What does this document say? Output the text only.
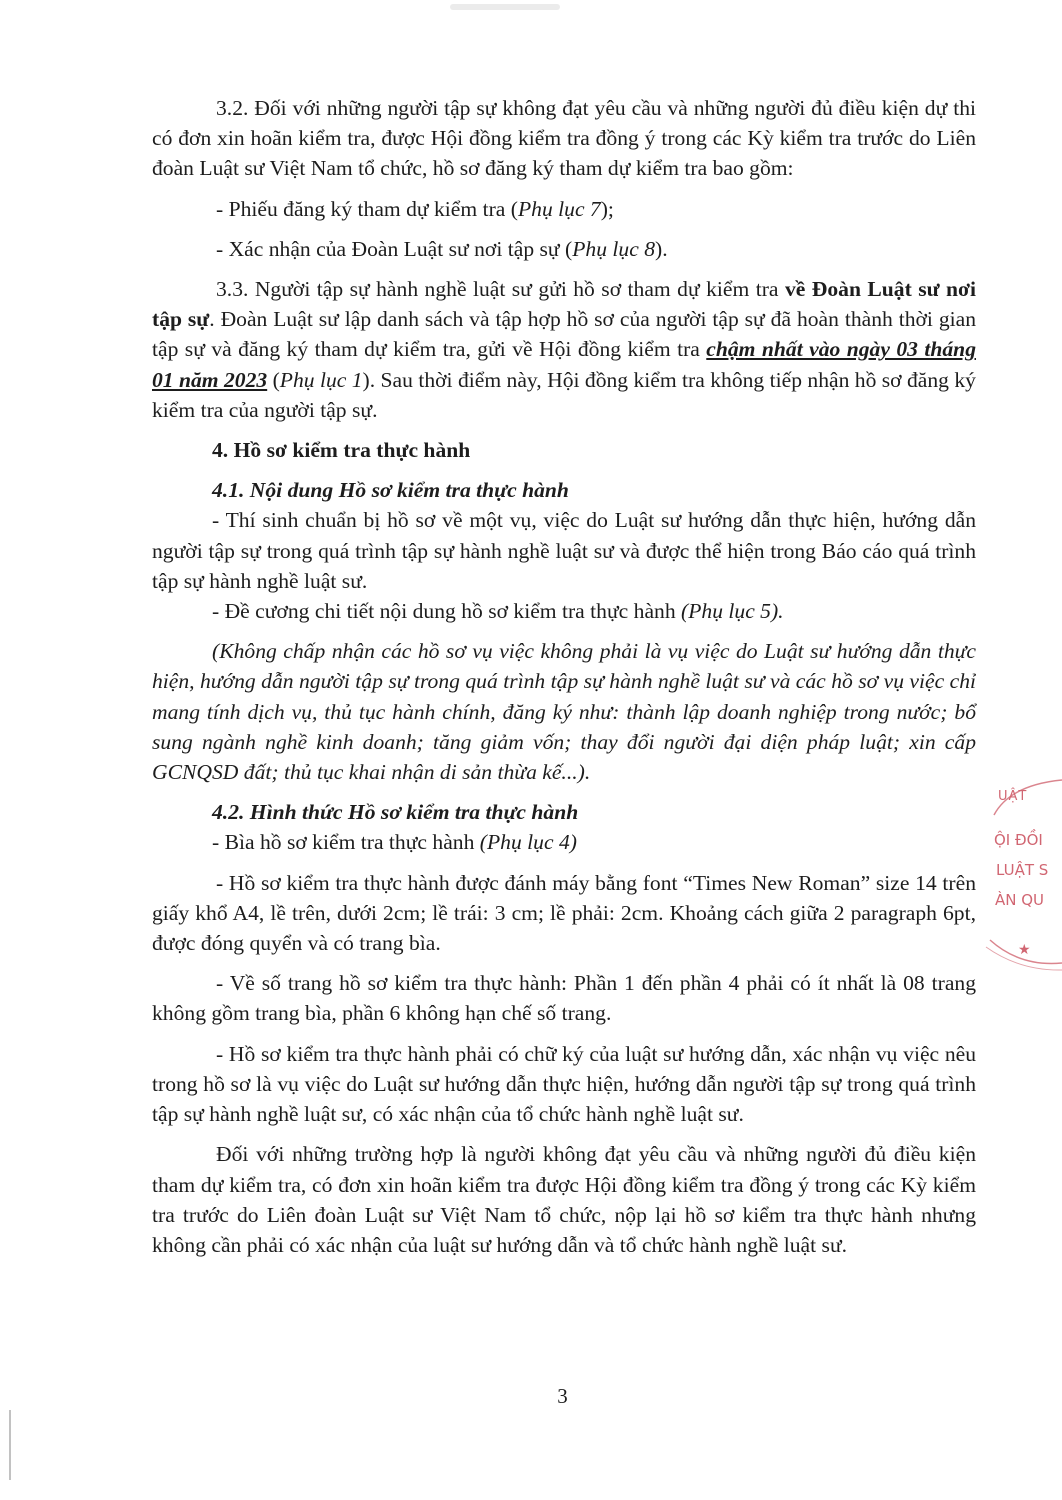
3.2. Đối với những người tập sự không đạt yêu cầu và những người đủ điều kiện dự thi có đơn xin hoãn kiểm tra, được Hội đồng kiểm tra đồng ý trong các Kỳ kiểm tra trước do Liên đoàn Luật sư Việt Nam tổ chức, hồ sơ đăng ký tham dự kiểm tra bao gồm:

- Phiếu đăng ký tham dự kiểm tra (Phụ lục 7);

- Xác nhận của Đoàn Luật sư nơi tập sự (Phụ lục 8).

3.3. Người tập sự hành nghề luật sư gửi hồ sơ tham dự kiểm tra về Đoàn Luật sư nơi tập sự. Đoàn Luật sư lập danh sách và tập hợp hồ sơ của người tập sự đã hoàn thành thời gian tập sự và đăng ký tham dự kiểm tra, gửi về Hội đồng kiểm tra chậm nhất vào ngày 03 tháng 01 năm 2023 (Phụ lục 1). Sau thời điểm này, Hội đồng kiểm tra không tiếp nhận hồ sơ đăng ký kiểm tra của người tập sự.

4. Hồ sơ kiểm tra thực hành

4.1. Nội dung Hồ sơ kiểm tra thực hành

- Thí sinh chuẩn bị hồ sơ về một vụ, việc do Luật sư hướng dẫn thực hiện, hướng dẫn người tập sự trong quá trình tập sự hành nghề luật sư và được thể hiện trong Báo cáo quá trình tập sự hành nghề luật sư.

- Đề cương chi tiết nội dung hồ sơ kiểm tra thực hành (Phụ lục 5).

(Không chấp nhận các hồ sơ vụ việc không phải là vụ việc do Luật sư hướng dẫn thực hiện, hướng dẫn người tập sự trong quá trình tập sự hành nghề luật sư và các hồ sơ vụ việc chỉ mang tính dịch vụ, thủ tục hành chính, đăng ký như: thành lập doanh nghiệp trong nước; bổ sung ngành nghề kinh doanh; tăng giảm vốn; thay đổi người đại diện pháp luật; xin cấp GCNQSD đất; thủ tục khai nhận di sản thừa kế...).

4.2. Hình thức Hồ sơ kiểm tra thực hành

- Bìa hồ sơ kiểm tra thực hành (Phụ lục 4)

- Hồ sơ kiểm tra thực hành được đánh máy bằng font “Times New Roman” size 14 trên giấy khổ A4, lề trên, dưới 2cm; lề trái: 3 cm; lề phải: 2cm. Khoảng cách giữa 2 paragraph 6pt, được đóng quyển và có trang bìa.

- Về số trang hồ sơ kiểm tra thực hành: Phần 1 đến phần 4 phải có ít nhất là 08 trang không gồm trang bìa, phần 6 không hạn chế số trang.

- Hồ sơ kiểm tra thực hành phải có chữ ký của luật sư hướng dẫn, xác nhận vụ việc nêu trong hồ sơ là vụ việc do Luật sư hướng dẫn thực hiện, hướng dẫn người tập sự trong quá trình tập sự hành nghề luật sư, có xác nhận của tổ chức hành nghề luật sư.

Đối với những trường hợp là người không đạt yêu cầu và những người đủ điều kiện tham dự kiểm tra, có đơn xin hoãn kiểm tra được Hội đồng kiểm tra đồng ý trong các Kỳ kiểm tra trước do Liên đoàn Luật sư Việt Nam tổ chức, nộp lại hồ sơ kiểm tra thực hành nhưng không cần phải có xác nhận của luật sư hướng dẫn và tổ chức hành nghề luật sư.

UẬT
ỘI ĐỒI
LUẬT S
ÀN QU
★
3
